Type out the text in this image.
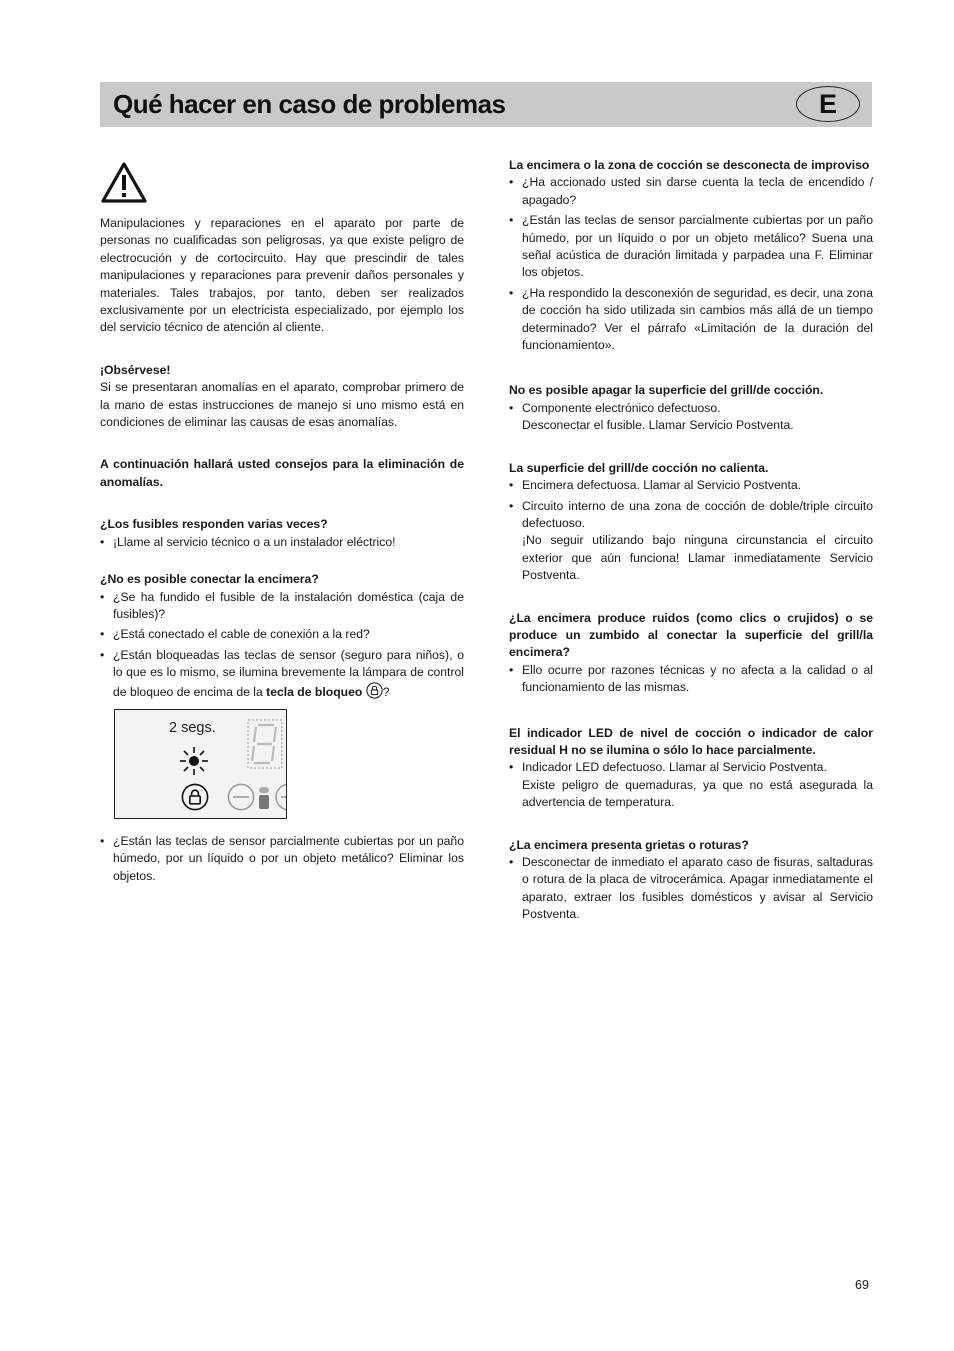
Qué hacer en caso de problemas	E

Manipulaciones y reparaciones en el aparato por parte de personas no cualificadas son peligrosas, ya que existe peligro de electrocución y de cortocircuito. Hay que prescindir de tales manipulaciones y reparaciones para prevenir daños personales y materiales. Tales trabajos, por tanto, deben ser realizados exclusivamente por un electricista especializado, por ejemplo los del servicio técnico de atención al cliente.

¡Obsérvese!

Si se presentaran anomalías en el aparato, comprobar primero de la mano de estas instrucciones de manejo si uno mismo está en condiciones de eliminar las causas de esas anomalías.

A continuación hallará usted consejos para la eliminación de anomalías.

¿Los fusibles responden varias veces?

• ¡Llame al servicio técnico o a un instalador eléctrico!

¿No es posible conectar la encimera?

• ¿Se ha fundido el fusible de la instalación doméstica (caja de fusibles)?
• ¿Está conectado el cable de conexión a la red?
• ¿Están bloqueadas las teclas de sensor (seguro para niños), o lo que es lo mismo, se ilumina brevemente la lámpara de control de bloqueo de encima de la tecla de bloqueo ?
2 segs.
• ¿Están las teclas de sensor parcialmente cubiertas por un paño húmedo, por un líquido o por un objeto metálico? Eliminar los objetos.

La encimera o la zona de cocción se desconecta de improviso

• ¿Ha accionado usted sin darse cuenta la tecla de encendido / apagado?
• ¿Están las teclas de sensor parcialmente cubiertas por un paño húmedo, por un líquido o por un objeto metálico? Suena una señal acústica de duración limitada y parpadea una F. Eliminar los objetos.
• ¿Ha respondido la desconexión de seguridad, es decir, una zona de cocción ha sido utilizada sin cambios más allá de un tiempo determinado? Ver el párrafo «Limitación de la duración del funcionamiento».

No es posible apagar la superficie del grill/de cocción.

• Componente electrónico defectuoso.

Desconectar el fusible. Llamar Servicio Postventa.

La superficie del grill/de cocción no calienta.

• Encimera defectuosa. Llamar al Servicio Postventa.
• Circuito interno de una zona de cocción de doble/triple circuito defectuoso.

¡No seguir utilizando bajo ninguna circunstancia el circuito exterior que aún funciona! Llamar inmediatamente Servicio Postventa.

¿La encimera produce ruidos (como clics o crujidos) o se produce un zumbido al conectar la superficie del grill/la encimera?

• Ello ocurre por razones técnicas y no afecta a la calidad o al funcionamiento de las mismas.

El indicador LED de nivel de cocción o indicador de calor residual H no se ilumina o sólo lo hace parcialmente.

• Indicador LED defectuoso. Llamar al Servicio Postventa.

Existe peligro de quemaduras, ya que no está asegurada la advertencia de temperatura.

¿La encimera presenta grietas o roturas?

• Desconectar de inmediato el aparato caso de fisuras, saltaduras o rotura de la placa de vitrocerámica. Apagar inmediatamente el aparato, extraer los fusibles domésticos y avisar al Servicio Postventa.
69
